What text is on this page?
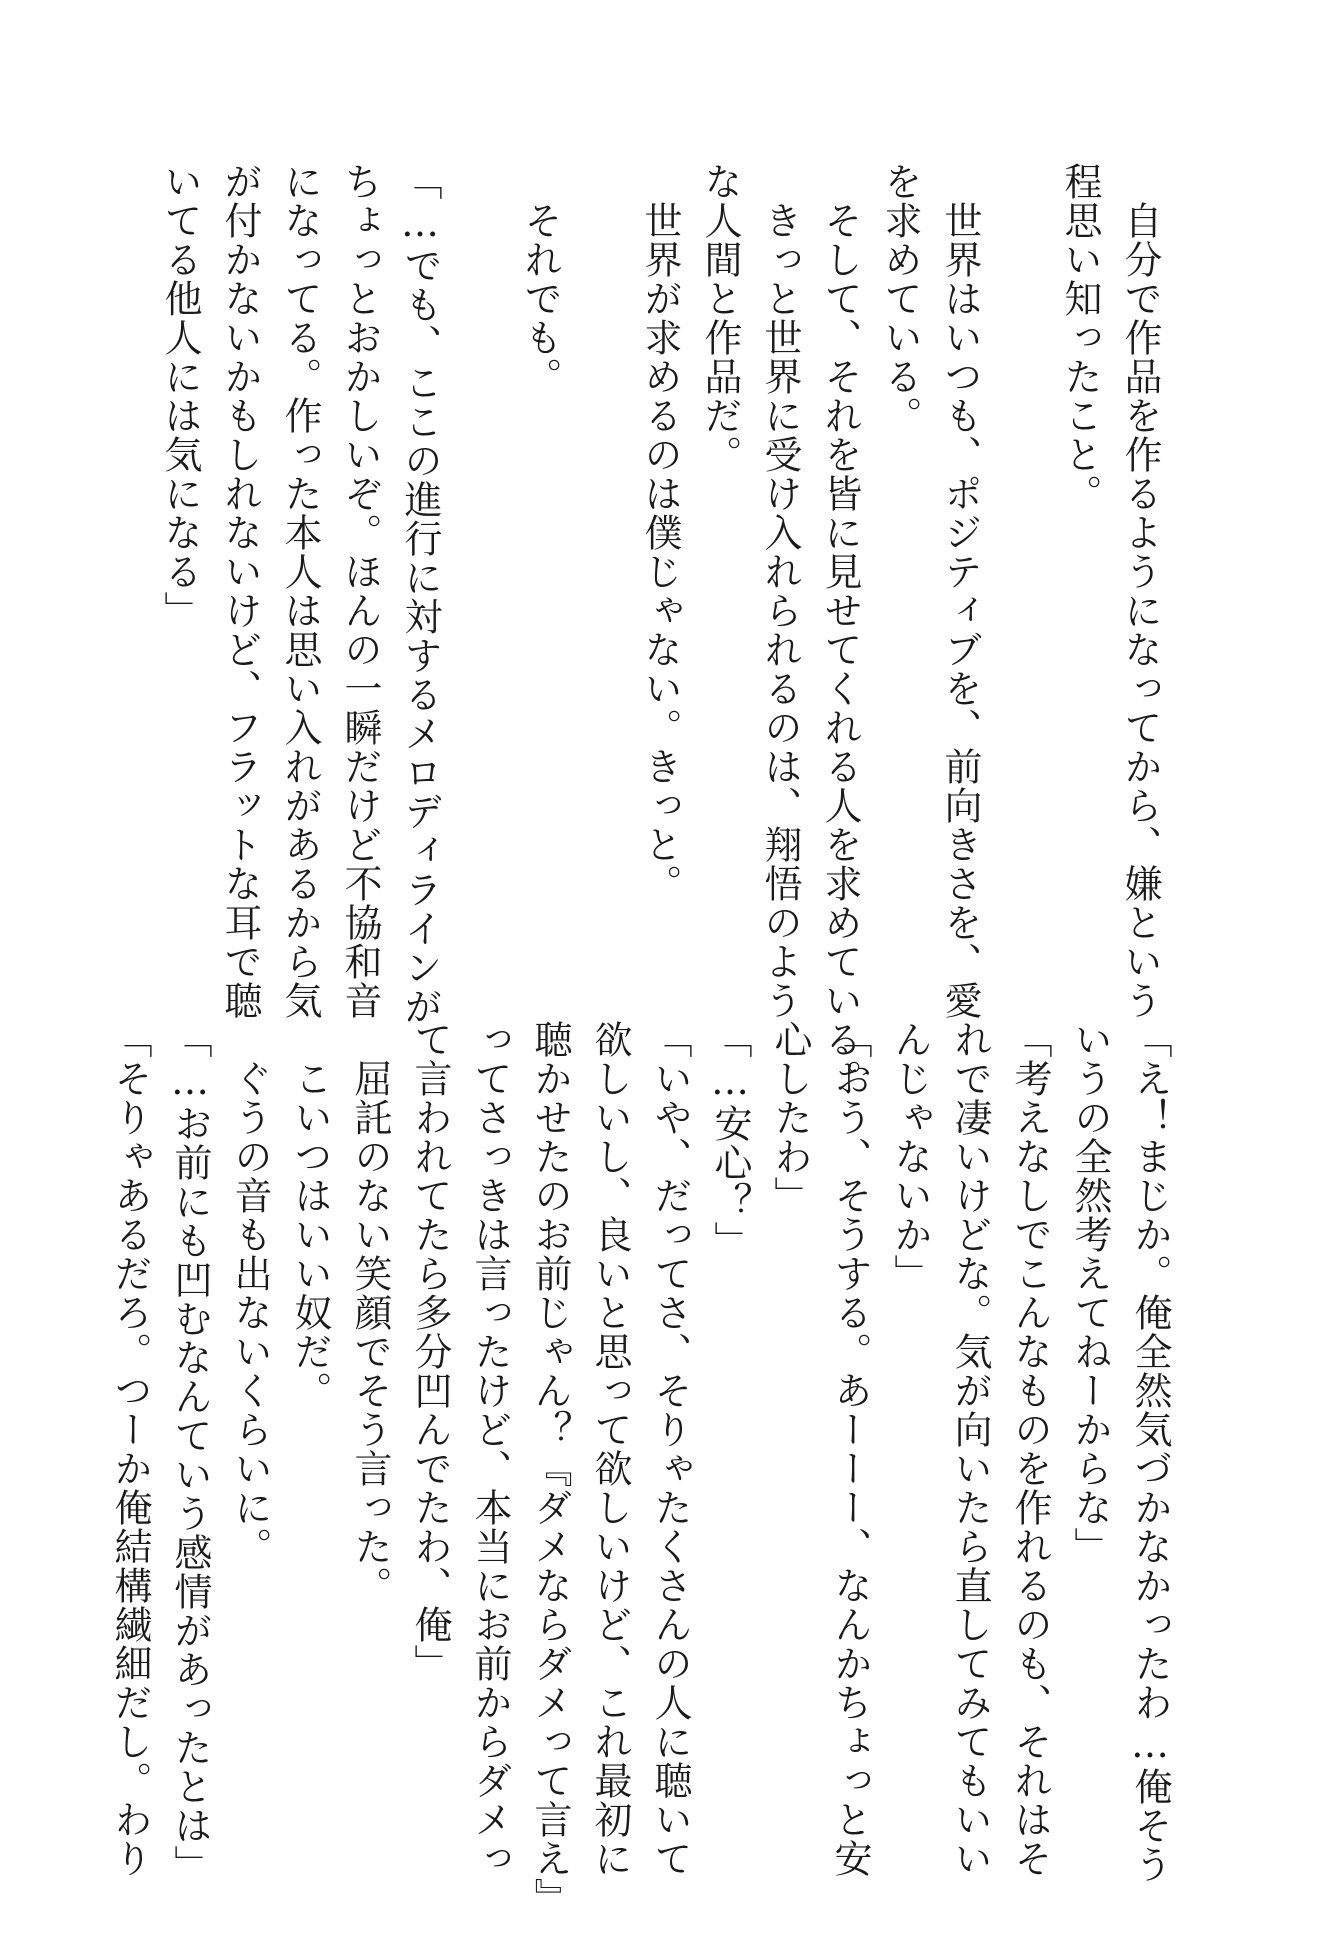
　自分で作品を作るようになってから、嫌という
程思い知ったこと。
　世界はいつも、ポジティブを、前向きさを、愛
を求めている。
　そして、それを皆に見せてくれる人を求めている。
　きっと世界に受け入れられるのは、翔悟のよう
な人間と作品だ。
　世界が求めるのは僕じゃない。きっと。
　それでも。
「…でも、ここの進行に対するメロディラインが
ちょっとおかしいぞ。ほんの一瞬だけど不協和音
になってる。作った本人は思い入れがあるから気
が付かないかもしれないけど、フラットな耳で聴
いてる他人には気になる」
「え！まじか。俺全然気づかなかったわ…俺そう
いうの全然考えてねーからな」
「考えなしでこんなものを作れるのも、それはそ
れで凄いけどな。気が向いたら直してみてもいい
んじゃないか」
「おう、そうする。あーーー、なんかちょっと安
心したわ」
「…安心？」
「いや、だってさ、そりゃたくさんの人に聴いて
欲しいし、良いと思って欲しいけど、これ最初に
聴かせたのお前じゃん？『ダメならダメって言え』
ってさっきは言ったけど、本当にお前からダメっ
て言われてたら多分凹んでたわ、俺」
　屈託のない笑顔でそう言った。
　こいつはいい奴だ。
　ぐうの音も出ないくらいに。
「…お前にも凹むなんていう感情があったとは」
「そりゃあるだろ。つーか俺結構繊細だし。わり
